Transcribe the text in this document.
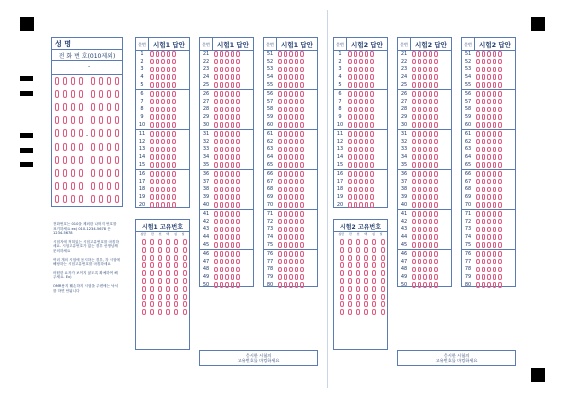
성 명
전 화 번 호(010제외)
-
-

전화번호는 010을 제외한 나머지 번호를 표기하세요 ex) 010-1234-5678 은 1234-5678

시험지에 적혀있는 시험고유번호를 마킹하세요. 시험고유번호가 없는 경우 선생님께 문의하세요

여러 개의 시험에 응시하는 경우, 각 시험에 해당하는 시험고유번호를 마킹하세요

어떤한 요자가 보이지 않도록 확예하여 해주세요. Ex)

OMR용지 훼손하지 시험을 주변에는 낙서를 하면 안됩니다

문번	시험1 답안
1
2
3
4
5
6
7
8
9
10
11
12
13
14
15
16
17
18
19
20
시험1 고유번호
십만 만 천 백 십 일
문번	시험1 답안
21
22
23
24
25
26
27
28
29
30
31
32
33
34
35
36
37
38
39
40
41
42
43
44
45
46
47
48
49
50
문번	시험1 답안
51
52
53
54
55
56
57
58
59
60
61
62
63
64
65
66
67
68
69
70
71
72
73
74
75
76
77
78
79
80
응시한 시험의
고유번호를 마킹하세요
문번	시험2 답안
1
2
3
4
5
6
7
8
9
10
11
12
13
14
15
16
17
18
19
20
시험2 고유번호
십만 만 천 백 십 일
문번	시험2 답안
21
22
23
24
25
26
27
28
29
30
31
32
33
34
35
36
37
38
39
40
41
42
43
44
45
46
47
48
49
50
문번	시험2 답안
51
52
53
54
55
56
57
58
59
60
61
62
63
64
65
66
67
68
69
70
71
72
73
74
75
76
77
78
79
80
응시한 시험의
고유번호를 마킹하세요
